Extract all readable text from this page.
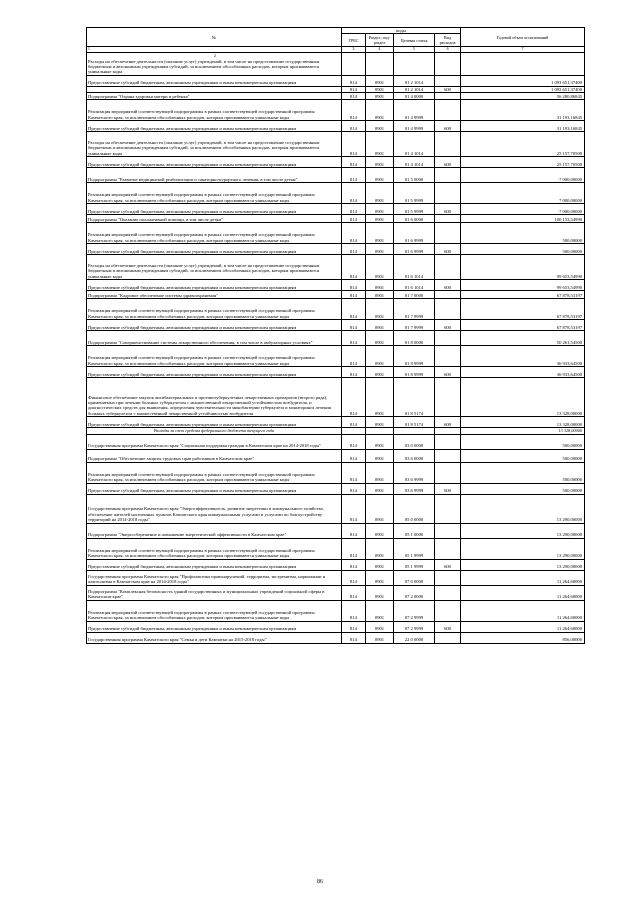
№	коды				Годовой объем ассигнований
	ГРБС	Раздел, под-раздел	Целевая статья	Вид расходов	
1	3	4	5	6	7
Расходы на обеспечение деятельности (оказание услуг) учреждений, в том числе на предоставление государственным бюджетным и автономным учреждениям субсидий, за исключением обособленных расходов, которым присваиваются уникальные коды					
Предоставление субсидий бюджетным, автономным учреждениям и иным некоммерческим организациям	814	0901	01 2 1014		1 093 651,37400
	814	0901	01 2 1014	600	1 093 651,37400
Подпрограмма "Охрана здоровья матери и ребенка"	814	0901	01 4 0000		56 280,86845
Реализация мероприятий соответствующей подпрограммы в рамках соответствующей государственной программы Камчатского края, за исключением обособленных расходов, которым присваиваются уникальные коды	814	0901	01 4 9999		31 193,16845
Предоставление субсидий бюджетным, автономным учреждениям и иным некоммерческим организациям	814	0901	01 4 9999	600	31 193,16845
Расходы на обеспечение деятельности (оказание услуг) учреждений, в том числе на предоставление государственным бюджетным и автономным учреждениям субсидий, за исключением обособленных расходов, которым присваиваются уникальные коды	814	0901	01 4 1014		25 157,70500
Предоставление субсидий бюджетным, автономным учреждениям и иным некоммерческим организациям	814	0901	01 4 1014	600	25 157,70500
Подпрограмма "Развитие медицинской реабилитации и санаторно-курортного лечения, в том числе детям"	814	0901	01 5 0000		7 000,00000
Реализация мероприятий соответствующей подпрограммы в рамках соответствующей государственной программы Камчатского края, за исключением обособленных расходов, которым присваиваются уникальные коды	814	0901	01 5 9999		7 000,00000
Предоставление субсидий бюджетным, автономным учреждениям и иным некоммерческим организациям	814	0901	01 5 9999	600	7 000,00000
Подпрограмма "Оказание паллиативной помощи, в том числе детям"	814	0901	01 6 0000		100 153,54990
Реализация мероприятий соответствующей подпрограммы в рамках соответствующей государственной программы Камчатского края, за исключением обособленных расходов, которым присваиваются уникальные коды	814	0901	01 6 9999		500,00000
Предоставление субсидий бюджетным, автономным учреждениям и иным некоммерческим организациям	814	0901	01 6 9999	600	500,00000
Расходы на обеспечение деятельности (оказание услуг) учреждений, в том числе на предоставление государственным бюджетным и автономным учреждениям субсидий, за исключением обособленных расходов, которым присваиваются уникальные коды	814	0901	01 6 1014		99 653,54990
Предоставление субсидий бюджетным, автономным учреждениям и иным некоммерческим организациям	814	0901	01 6 1014	600	99 653,54990
Подпрограмма "Кадровое обеспечение системы здравоохранения"	814	0901	01 7 0000		67 878,53197
Реализация мероприятий соответствующей подпрограммы в рамках соответствующей государственной программы Камчатского края, за исключением обособленных расходов, которым присваиваются уникальные коды	814	0901	01 7 9999		67 878,53197
Предоставление субсидий бюджетным, автономным учреждениям и иным некоммерческим организациям	814	0901	01 7 9999	600	67 878,53197
Подпрограмма "Совершенствование системы лекарственного обеспечения, в том числе в амбулаторных условиях"	814	0901	01 8 0000		50 261,54500
Реализация мероприятий соответствующей подпрограммы в рамках соответствующей государственной программы Камчатского края, за исключением обособленных расходов, которым присваиваются уникальные коды	814	0901	01 8 9999		36 933,64500
Предоставление субсидий бюджетным, автономным учреждениям и иным некоммерческим организациям	814	0901	01 8 9999	600	36 933,64500
Финансовое обеспечение закупок антибактериальных и противотуберкулезных лекарственных препаратов (второго ряда), применяемых при лечении больных туберкулезом с множественной лекарственной устойчивостью возбудителя, и диагностических средств для выявления, определения чувствительности микобактерии туберкулеза и мониторинга лечения больных туберкулезом с множественной лекарственной устойчивостью возбудителя	814	0901	01 8 5174		13 328,00000
Предоставление субсидий бюджетным, автономным учреждениям и иным некоммерческим организациям	814	0901	01 8 5174	600	13 328,00000
Расходы за счет средств федерального бюджета текущего года					13 328,00000
Государственная программа Камчатского края "Социальная поддержка граждан в Камчатском крае на 2014-2018 годы"	814	0901	03 0 0000		500,00000
Подпрограмма "Обеспечение защиты трудовых прав работников в Камчатском крае"	814	0901	03 6 0000		500,00000
Реализация мероприятий соответствующей подпрограммы в рамках соответствующей государственной программы Камчатского края, за исключением обособленных расходов, которым присваиваются уникальные коды	814	0901	03 6 9999		500,00000
Предоставление субсидий бюджетным, автономным учреждениям и иным некоммерческим организациям	814	0901	03 6 9999	600	500,00000
Государственная программа Камчатского края "Энергоэффективность, развитие энергетики и коммунального хозяйства, обеспечение жителей населенных пунктов Камчатского края коммунальными услугами и услугами по благоустройству территорий на 2014-2018 годы"	814	0901	05 0 0000		13 290,00000
Подпрограмма "Энергосбережение и повышение энергетической эффективности в Камчатском крае"	814	0901	05 1 0000		13 290,00000
Реализация мероприятий соответствующей подпрограммы в рамках соответствующей государственной программы Камчатского края, за исключением обособленных расходов, которым присваиваются уникальные коды	814	0901	05 1 9999		13 290,00000
Предоставление субсидий бюджетным, автономным учреждениям и иным некоммерческим организациям	814	0901	05 1 9999	600	13 290,00000
Государственная программа Камчатского края "Профилактика правонарушений, терроризма, экстремизма, наркомании и алкоголизма в Камчатском крае на 2014-2018 годы"	814	0901	07 0 0000		11 264,60000
Подпрограмма "Комплексная безопасность зданий государственных и муниципальных учреждений социальной сферы в Камчатском крае"	814	0901	07 2 0000		11 264,60000
Реализация мероприятий соответствующей подпрограммы в рамках соответствующей государственной программы Камчатского края, за исключением обособленных расходов, которым присваиваются уникальные коды	814	0901	07 2 9999		11 264,60000
Предоставление субсидий бюджетным, автономным учреждениям и иным некоммерческим организациям	814	0901	07 2 9999	600	11 264,60000
Государственная программа Камчатского края "Семья и дети Камчатки на 2015-2018 годы"	814	0901	22 0 0000		856,00000
2
86
